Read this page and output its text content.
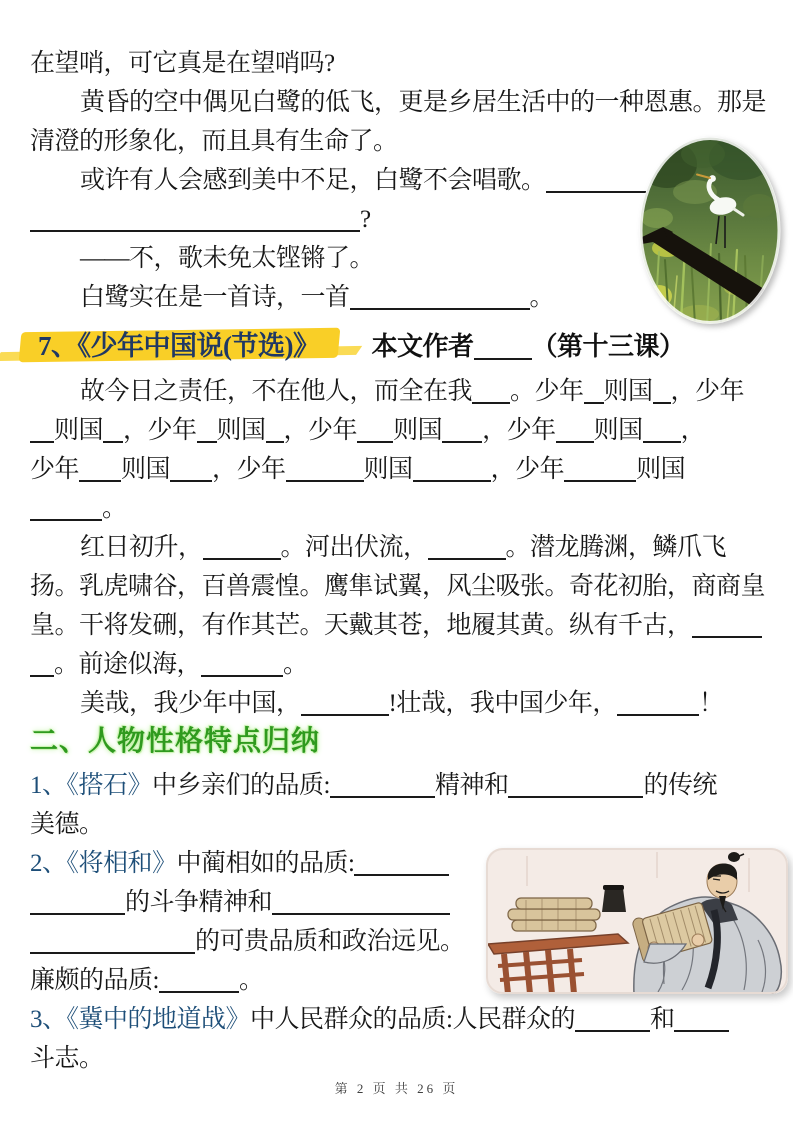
在望哨，可它真是在望哨吗?
黄昏的空中偶见白鹭的低飞，更是乡居生活中的一种恩惠。那是
清澄的形象化，而且具有生命了。
或许有人会感到美中不足，白鹭不会唱歌。
?
——不，歌未免太铿锵了。
白鹭实在是一首诗，一首	。
7、《少年中国说(节选)》 本文作者 （第十三课）
故今日之责任，不在他人，而全在我 。少年 则国 ，少年
则国 ，少年 则国 ，少年 则国 ，少年 则国 ，
少年 则国 ，少年	则国	，少年	则国
。
红日初升，	。河出伏流，	。潜龙腾渊，鳞爪飞
扬。乳虎啸谷，百兽震惶。鹰隼试翼，风尘吸张。奇花初胎，商商皇
皇。干将发硎，有作其芒。天戴其苍，地履其黄。纵有千古，
。前途似海，	。
美哉，我少年中国，	!壮哉，我中国少年，	！
二、人物性格特点归纳
1、《搭石》中乡亲们的品质:	精神和	的传统
美德。
2、《将相和》中蔺相如的品质:
的斗争精神和
的可贵品质和政治远见。
廉颇的品质:	。
3、《冀中的地道战》中人民群众的品质:人民群众的	和
斗志。
第 2 页 共 26 页
